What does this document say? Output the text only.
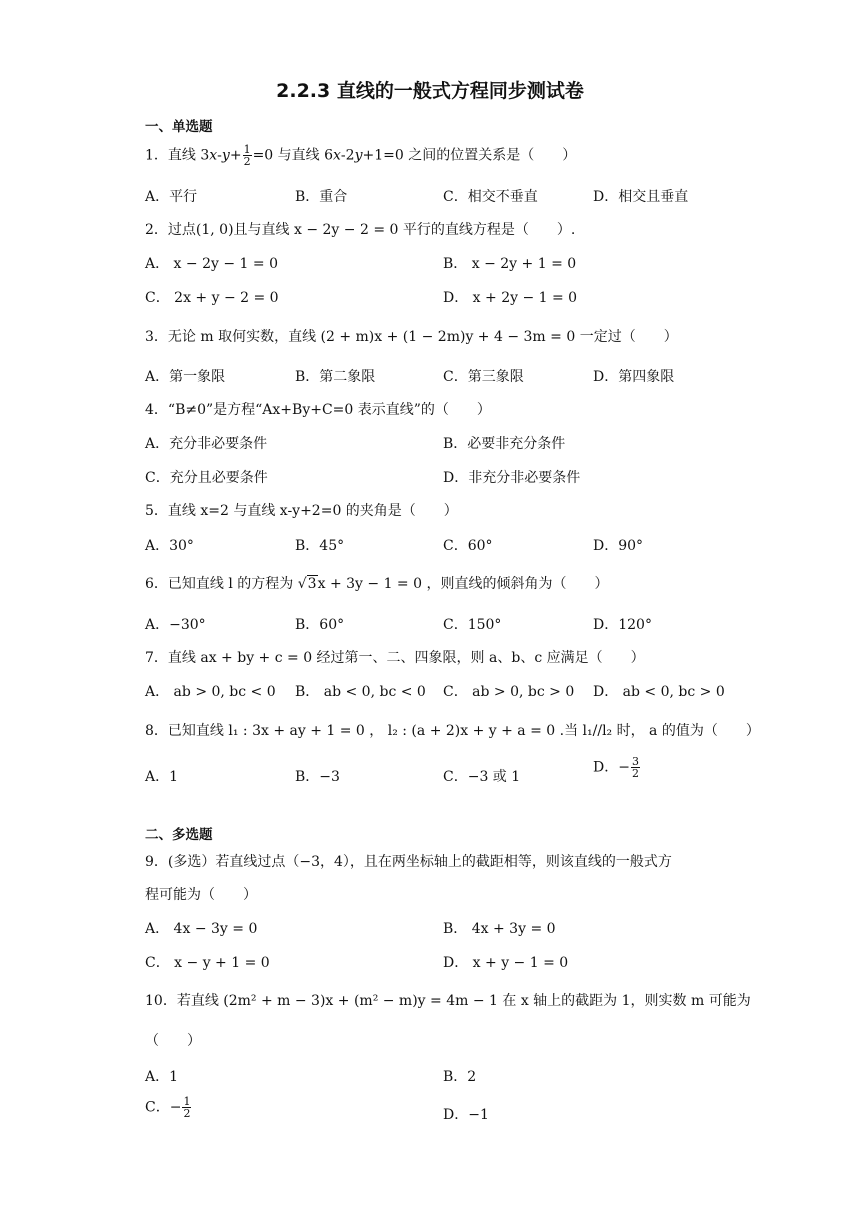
2.2.3 直线的一般式方程同步测试卷
一、单选题
1．直线 $3x-y+ \frac{1}{2} =0$ 与直线 6x-2y+1=0 之间的位置关系是（　　）
A．平行	B．重合	C．相交不垂直	D．相交且垂直
2．过点(1, 0)且与直线 x − 2y − 2 = 0 平行的直线方程是（　　）.
A． x − 2y − 1 = 0	B． x − 2y + 1 = 0
C． 2x + y − 2 = 0	D． x + 2y − 1 = 0
3．无论 m 取何实数，直线 (2 + m)x + (1 − 2m)y + 4 − 3m = 0 一定过（　　）
A．第一象限	B．第二象限	C．第三象限	D．第四象限
4．“B≠0”是方程“Ax+By+C=0 表示直线”的（　　）
A．充分非必要条件	B．必要非充分条件
C．充分且必要条件	D．非充分非必要条件
5．直线 x=2 与直线 x-y+2=0 的夹角是（　　）
A．30°	B．45°	C．60°	D．90°
6．已知直线 l 的方程为 √3x + 3y − 1 = 0 ，则直线的倾斜角为（　　）
A．−30°	B．60°	C．150°	D．120°
7．直线 ax + by + c = 0 经过第一、二、四象限，则 a、b、c 应满足（　　）
A． ab > 0, bc < 0 B． ab < 0, bc < 0 C． ab > 0, bc > 0 D． ab < 0, bc > 0
8．已知直线 l₁ : 3x + ay + 1 = 0 ， l₂ : (a + 2)x + y + a = 0 .当 l₁//l₂ 时， a 的值为（　　）
A．1	B．−3	C．−3 或 1
D．− $\frac{3}{2}$
二、多选题
9．(多选）若直线过点（−3，4），且在两坐标轴上的截距相等，则该直线的一般式方
程可能为（　　）
A． 4x − 3y = 0	B． 4x + 3y = 0
C． x − y + 1 = 0	D． x + y − 1 = 0
10．若直线 (2m² + m − 3)x + (m² − m)y = 4m − 1 在 x 轴上的截距为 1，则实数 m 可能为
（　　）
A．1	B．2
C．− $\frac{1}{2}$	D．−1
